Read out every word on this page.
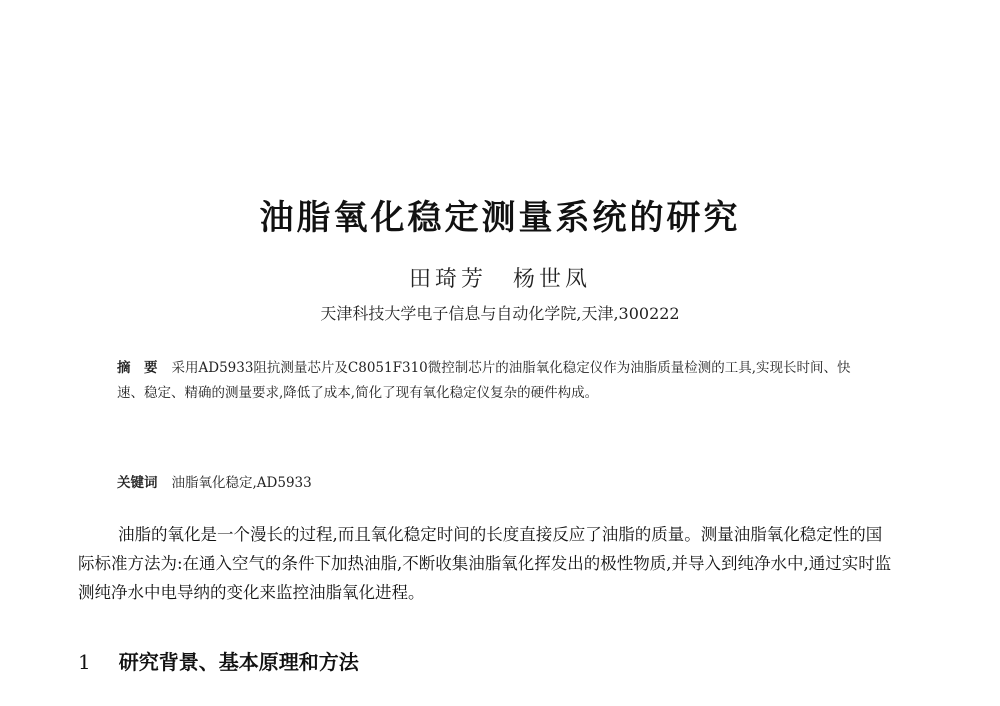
油脂氧化稳定测量系统的研究
田琦芳　杨世凤
天津科技大学电子信息与自动化学院,天津,300222
摘　要 采用AD5933阻抗测量芯片及C8051F310微控制芯片的油脂氧化稳定仪作为油脂质量检测的工具,实现长时间、快速、稳定、精确的测量要求,降低了成本,简化了现有氧化稳定仪复杂的硬件构成。
关键词 油脂氧化稳定,AD5933
油脂的氧化是一个漫长的过程,而且氧化稳定时间的长度直接反应了油脂的质量。测量油脂氧化稳定性的国际标准方法为:在通入空气的条件下加热油脂,不断收集油脂氧化挥发出的极性物质,并导入到纯净水中,通过实时监测纯净水中电导纳的变化来监控油脂氧化进程。
1 研究背景、基本原理和方法
